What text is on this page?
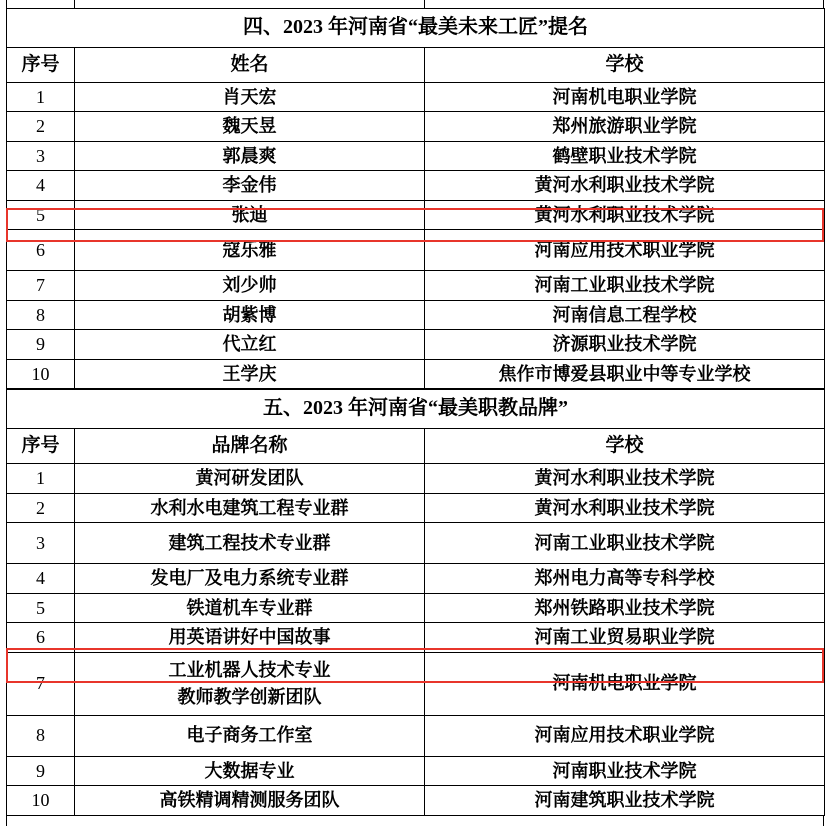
四、2023 年河南省“最美未来工匠”提名		
序号	姓名	学校
1	肖天宏	河南机电职业学院
2	魏天昱	郑州旅游职业学院
3	郭晨爽	鹤壁职业技术学院
4	李金伟	黄河水利职业技术学院
5	张迪	黄河水利职业技术学院
6	寇乐雅	河南应用技术职业学院
7	刘少帅	河南工业职业技术学院
8	胡紫博	河南信息工程学校
9	代立红	济源职业技术学院
10	王学庆	焦作市博爱县职业中等专业学校
五、2023 年河南省“最美职教品牌”		
序号	品牌名称	学校
1	黄河研发团队	黄河水利职业技术学院
2	水利水电建筑工程专业群	黄河水利职业技术学院
3	建筑工程技术专业群	河南工业职业技术学院
4	发电厂及电力系统专业群	郑州电力高等专科学校
5	铁道机车专业群	郑州铁路职业技术学院
6	用英语讲好中国故事	河南工业贸易职业学院
7	工业机器人技术专业
教师教学创新团队	河南机电职业学院
8	电子商务工作室	河南应用技术职业学院
9	大数据专业	河南职业技术学院
10	高铁精调精测服务团队	河南建筑职业技术学院
